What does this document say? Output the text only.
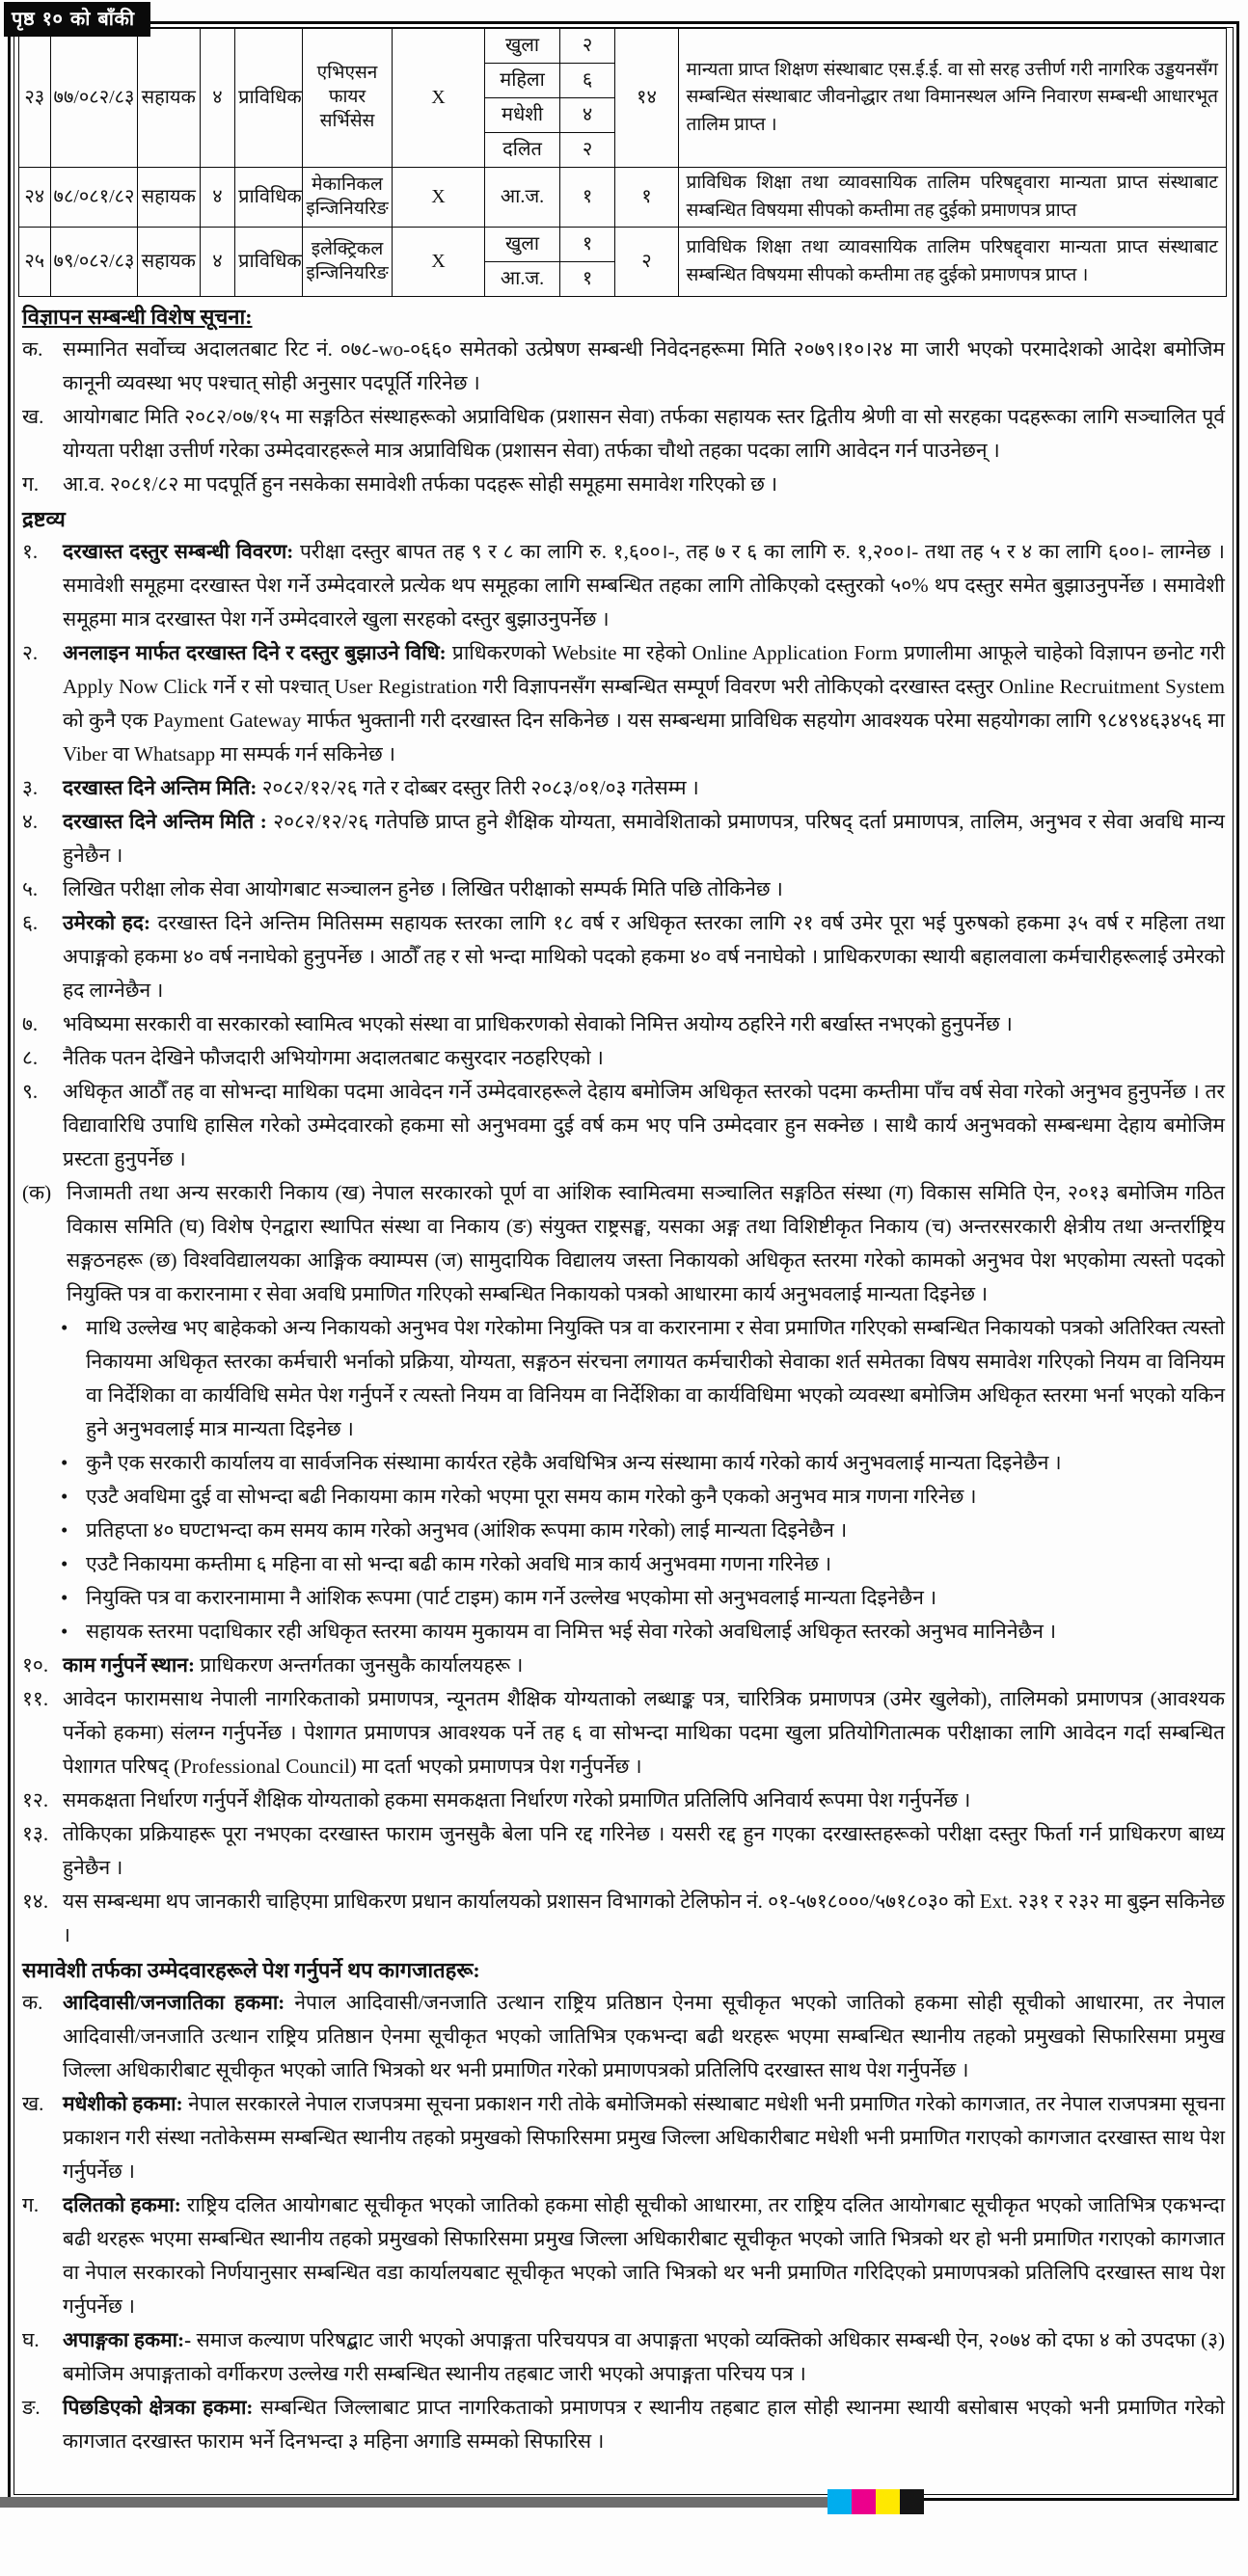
पृष्ठ १० को बाँकी
२३	७७/०८२/८३	सहायक	४	प्राविधिक	एभिएसन फायर सर्भिसेस	X	खुला	२	१४	मान्यता प्राप्त शिक्षण संस्थाबाट एस.ई.ई. वा सो सरह उत्तीर्ण गरी नागरिक उड्डयनसँग सम्बन्धित संस्थाबाट जीवनोद्धार तथा विमानस्थल अग्नि निवारण सम्बन्धी आधारभूत तालिम प्राप्त ।
							महिला	६		
							मधेशी	४		
							दलित	२		
२४	७८/०८१/८२	सहायक	४	प्राविधिक	मेकानिकल इन्जिनियरिङ	X	आ.ज.	१	१	प्राविधिक शिक्षा तथा व्यावसायिक तालिम परिषद्द्वारा मान्यता प्राप्त संस्थाबाट सम्बन्धित विषयमा सीपको कम्तीमा तह दुईको प्रमाणपत्र प्राप्त
२५	७९/०८२/८३	सहायक	४	प्राविधिक	इलेक्ट्रिकल इन्जिनियरिङ	X	खुला	१	२	प्राविधिक शिक्षा तथा व्यावसायिक तालिम परिषद्द्वारा मान्यता प्राप्त संस्थाबाट सम्बन्धित विषयमा सीपको कम्तीमा तह दुईको प्रमाणपत्र प्राप्त ।
							आ.ज.	१		
विज्ञापन सम्बन्धी विशेष सूचना:
क. सम्मानित सर्वोच्च अदालतबाट रिट नं. ०७८-wo-०६६० समेतको उत्प्रेषण सम्बन्धी निवेदनहरूमा मिति २०७९।१०।२४ मा जारी भएको परमादेशको आदेश बमोजिम कानूनी व्यवस्था भए पश्चात् सोही अनुसार पदपूर्ति गरिनेछ ।
ख. आयोगबाट मिति २०८२/०७/१५ मा सङ्गठित संस्थाहरूको अप्राविधिक (प्रशासन सेवा) तर्फका सहायक स्तर द्वितीय श्रेणी वा सो सरहका पदहरूका लागि सञ्चालित पूर्व योग्यता परीक्षा उत्तीर्ण गरेका उम्मेदवारहरूले मात्र अप्राविधिक (प्रशासन सेवा) तर्फका चौथो तहका पदका लागि आवेदन गर्न पाउनेछन् ।
ग.	आ.व. २०८१/८२ मा पदपूर्ति हुन नसकेका समावेशी तर्फका पदहरू सोही समूहमा समावेश गरिएको छ ।
द्रष्टव्य
१.	दरखास्त दस्तुर सम्बन्धी विवरण: परीक्षा दस्तुर बापत तह ९ र ८ का लागि रु. १,६००।-, तह ७ र ६ का लागि रु. १,२००।- तथा तह ५ र ४ का लागि ६००।- लाग्नेछ । समावेशी समूहमा दरखास्त पेश गर्ने उम्मेदवारले प्रत्येक थप समूहका लागि सम्बन्धित तहका लागि तोकिएको दस्तुरको ५०% थप दस्तुर समेत बुझाउनुपर्नेछ । समावेशी समूहमा मात्र दरखास्त पेश गर्ने उम्मेदवारले खुला सरहको दस्तुर बुझाउनुपर्नेछ ।
२.	अनलाइन मार्फत दरखास्त दिने र दस्तुर बुझाउने विधि: प्राधिकरणको Website मा रहेको Online Application Form प्रणालीमा आफूले चाहेको विज्ञापन छनोट गरी Apply Now Click गर्ने र सो पश्चात् User Registration गरी विज्ञापनसँग सम्बन्धित सम्पूर्ण विवरण भरी तोकिएको दरखास्त दस्तुर Online Recruitment System को कुनै एक Payment Gateway मार्फत भुक्तानी गरी दरखास्त दिन सकिनेछ । यस सम्बन्धमा प्राविधिक सहयोग आवश्यक परेमा सहयोगका लागि ९८४९४६३४५६ मा Viber वा Whatsapp मा सम्पर्क गर्न सकिनेछ ।
३.	दरखास्त दिने अन्तिम मिति: २०८२/१२/२६ गते र दोब्बर दस्तुर तिरी २०८३/०१/०३ गतेसम्म ।
४.	दरखास्त दिने अन्तिम मिति : २०८२/१२/२६ गतेपछि प्राप्त हुने शैक्षिक योग्यता, समावेशिताको प्रमाणपत्र, परिषद् दर्ता प्रमाणपत्र, तालिम, अनुभव र सेवा अवधि मान्य हुनेछैन ।
५.	लिखित परीक्षा लोक सेवा आयोगबाट सञ्चालन हुनेछ । लिखित परीक्षाको सम्पर्क मिति पछि तोकिनेछ ।
६.	उमेरको हद: दरखास्त दिने अन्तिम मितिसम्म सहायक स्तरका लागि १८ वर्ष र अधिकृत स्तरका लागि २१ वर्ष उमेर पूरा भई पुरुषको हकमा ३५ वर्ष र महिला तथा अपाङ्गको हकमा ४० वर्ष ननाघेको हुनुपर्नेछ । आठौँ तह र सो भन्दा माथिको पदको हकमा ४० वर्ष ननाघेको । प्राधिकरणका स्थायी बहालवाला कर्मचारीहरूलाई उमेरको हद लाग्नेछैन ।
७.	भविष्यमा सरकारी वा सरकारको स्वामित्व भएको संस्था वा प्राधिकरणको सेवाको निमित्त अयोग्य ठहरिने गरी बर्खास्त नभएको हुनुपर्नेछ ।
८.	नैतिक पतन देखिने फौजदारी अभियोगमा अदालतबाट कसुरदार नठहरिएको ।
९.	अधिकृत आठौँ तह वा सोभन्दा माथिका पदमा आवेदन गर्ने उम्मेदवारहरूले देहाय बमोजिम अधिकृत स्तरको पदमा कम्तीमा पाँच वर्ष सेवा गरेको अनुभव हुनुपर्नेछ । तर विद्यावारिधि उपाधि हासिल गरेको उम्मेदवारको हकमा सो अनुभवमा दुई वर्ष कम भए पनि उम्मेदवार हुन सक्नेछ । साथै कार्य अनुभवको सम्बन्धमा देहाय बमोजिम प्रस्टता हुनुपर्नेछ ।
(क) निजामती तथा अन्य सरकारी निकाय (ख) नेपाल सरकारको पूर्ण वा आंशिक स्वामित्वमा सञ्चालित सङ्गठित संस्था (ग) विकास समिति ऐन, २०१३ बमोजिम गठित विकास समिति (घ) विशेष ऐनद्वारा स्थापित संस्था वा निकाय (ङ) संयुक्त राष्ट्रसङ्घ, यसका अङ्ग तथा विशिष्टीकृत निकाय (च) अन्तरसरकारी क्षेत्रीय तथा अन्तर्राष्ट्रिय सङ्गठनहरू (छ) विश्वविद्यालयका आङ्गिक क्याम्पस (ज) सामुदायिक विद्यालय जस्ता निकायको अधिकृत स्तरमा गरेको कामको अनुभव पेश भएकोमा त्यस्तो पदको नियुक्ति पत्र वा करारनामा र सेवा अवधि प्रमाणित गरिएको सम्बन्धित निकायको पत्रको आधारमा कार्य अनुभवलाई मान्यता दिइनेछ ।
• माथि उल्लेख भए बाहेकको अन्य निकायको अनुभव पेश गरेकोमा नियुक्ति पत्र वा करारनामा र सेवा प्रमाणित गरिएको सम्बन्धित निकायको पत्रको अतिरिक्त त्यस्तो निकायमा अधिकृत स्तरका कर्मचारी भर्नाको प्रक्रिया, योग्यता, सङ्गठन संरचना लगायत कर्मचारीको सेवाका शर्त समेतका विषय समावेश गरिएको नियम वा विनियम वा निर्देशिका वा कार्यविधि समेत पेश गर्नुपर्ने र त्यस्तो नियम वा विनियम वा निर्देशिका वा कार्यविधिमा भएको व्यवस्था बमोजिम अधिकृत स्तरमा भर्ना भएको यकिन हुने अनुभवलाई मात्र मान्यता दिइनेछ ।
• कुनै एक सरकारी कार्यालय वा सार्वजनिक संस्थामा कार्यरत रहेकै अवधिभित्र अन्य संस्थामा कार्य गरेको कार्य अनुभवलाई मान्यता दिइनेछैन ।
• एउटै अवधिमा दुई वा सोभन्दा बढी निकायमा काम गरेको भएमा पूरा समय काम गरेको कुनै एकको अनुभव मात्र गणना गरिनेछ ।
• प्रतिहप्ता ४० घण्टाभन्दा कम समय काम गरेको अनुभव (आंशिक रूपमा काम गरेको) लाई मान्यता दिइनेछैन ।
• एउटै निकायमा कम्तीमा ६ महिना वा सो भन्दा बढी काम गरेको अवधि मात्र कार्य अनुभवमा गणना गरिनेछ ।
• नियुक्ति पत्र वा करारनामामा नै आंशिक रूपमा (पार्ट टाइम) काम गर्ने उल्लेख भएकोमा सो अनुभवलाई मान्यता दिइनेछैन ।
• सहायक स्तरमा पदाधिकार रही अधिकृत स्तरमा कायम मुकायम वा निमित्त भई सेवा गरेको अवधिलाई अधिकृत स्तरको अनुभव मानिनेछैन ।
१०. काम गर्नुपर्ने स्थान: प्राधिकरण अन्तर्गतका जुनसुकै कार्यालयहरू ।
११. आवेदन फारामसाथ नेपाली नागरिकताको प्रमाणपत्र, न्यूनतम शैक्षिक योग्यताको लब्धाङ्क पत्र, चारित्रिक प्रमाणपत्र (उमेर खुलेको), तालिमको प्रमाणपत्र (आवश्यक पर्नेको हकमा) संलग्न गर्नुपर्नेछ । पेशागत प्रमाणपत्र आवश्यक पर्ने तह ६ वा सोभन्दा माथिका पदमा खुला प्रतियोगितात्मक परीक्षाका लागि आवेदन गर्दा सम्बन्धित पेशागत परिषद् (Professional Council) मा दर्ता भएको प्रमाणपत्र पेश गर्नुपर्नेछ ।
१२. समकक्षता निर्धारण गर्नुपर्ने शैक्षिक योग्यताको हकमा समकक्षता निर्धारण गरेको प्रमाणित प्रतिलिपि अनिवार्य रूपमा पेश गर्नुपर्नेछ ।
१३. तोकिएका प्रक्रियाहरू पूरा नभएका दरखास्त फाराम जुनसुकै बेला पनि रद्द गरिनेछ । यसरी रद्द हुन गएका दरखास्तहरूको परीक्षा दस्तुर फिर्ता गर्न प्राधिकरण बाध्य हुनेछैन ।
१४. यस सम्बन्धमा थप जानकारी चाहिएमा प्राधिकरण प्रधान कार्यालयको प्रशासन विभागको टेलिफोन नं. ०१-५७१८०००/५७१८०३० को Ext. २३१ र २३२ मा बुझ्न सकिनेछ ।
समावेशी तर्फका उम्मेदवारहरूले पेश गर्नुपर्ने थप कागजातहरू:
क. आदिवासी/जनजातिका हकमा: नेपाल आदिवासी/जनजाति उत्थान राष्ट्रिय प्रतिष्ठान ऐनमा सूचीकृत भएको जातिको हकमा सोही सूचीको आधारमा, तर नेपाल आदिवासी/जनजाति उत्थान राष्ट्रिय प्रतिष्ठान ऐनमा सूचीकृत भएको जातिभित्र एकभन्दा बढी थरहरू भएमा सम्बन्धित स्थानीय तहको प्रमुखको सिफारिसमा प्रमुख जिल्ला अधिकारीबाट सूचीकृत भएको जाति भित्रको थर भनी प्रमाणित गरेको प्रमाणपत्रको प्रतिलिपि दरखास्त साथ पेश गर्नुपर्नेछ ।
ख. मधेशीको हकमा: नेपाल सरकारले नेपाल राजपत्रमा सूचना प्रकाशन गरी तोके बमोजिमको संस्थाबाट मधेशी भनी प्रमाणित गरेको कागजात, तर नेपाल राजपत्रमा सूचना प्रकाशन गरी संस्था नतोकेसम्म सम्बन्धित स्थानीय तहको प्रमुखको सिफारिसमा प्रमुख जिल्ला अधिकारीबाट मधेशी भनी प्रमाणित गराएको कागजात दरखास्त साथ पेश गर्नुपर्नेछ ।
ग.	दलितको हकमा: राष्ट्रिय दलित आयोगबाट सूचीकृत भएको जातिको हकमा सोही सूचीको आधारमा, तर राष्ट्रिय दलित आयोगबाट सूचीकृत भएको जातिभित्र एकभन्दा बढी थरहरू भएमा सम्बन्धित स्थानीय तहको प्रमुखको सिफारिसमा प्रमुख जिल्ला अधिकारीबाट सूचीकृत भएको जाति भित्रको थर हो भनी प्रमाणित गराएको कागजात वा नेपाल सरकारको निर्णयानुसार सम्बन्धित वडा कार्यालयबाट सूचीकृत भएको जाति भित्रको थर भनी प्रमाणित गरिदिएको प्रमाणपत्रको प्रतिलिपि दरखास्त साथ पेश गर्नुपर्नेछ ।
घ.	अपाङ्गका हकमा:- समाज कल्याण परिषद्बाट जारी भएको अपाङ्गता परिचयपत्र वा अपाङ्गता भएको व्यक्तिको अधिकार सम्बन्धी ऐन, २०७४ को दफा ४ को उपदफा (३) बमोजिम अपाङ्गताको वर्गीकरण उल्लेख गरी सम्बन्धित स्थानीय तहबाट जारी भएको अपाङ्गता परिचय पत्र ।
ङ.	पिछडिएको क्षेत्रका हकमा: सम्बन्धित जिल्लाबाट प्राप्त नागरिकताको प्रमाणपत्र र स्थानीय तहबाट हाल सोही स्थानमा स्थायी बसोबास भएको भनी प्रमाणित गरेको कागजात दरखास्त फाराम भर्ने दिनभन्दा ३ महिना अगाडि सम्मको सिफारिस ।
